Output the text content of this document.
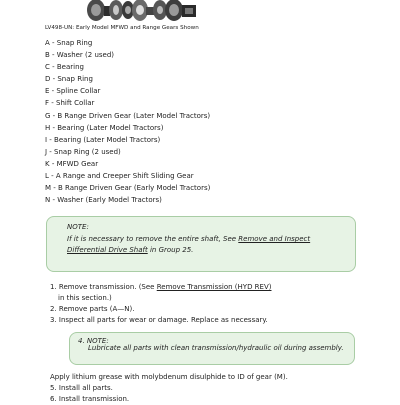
LV498-UN: Early Model MFWD and Range Gears Shown
A - Snap Ring
B - Washer (2 used)
C - Bearing
D - Snap Ring
E - Spline Collar
F - Shift Collar
G - B Range Driven Gear (Later Model Tractors)
H - Bearing (Later Model Tractors)
I - Bearing (Later Model Tractors)
J - Snap Ring (2 used)
K - MFWD Gear
L - A Range and Creeper Shift Sliding Gear
M - B Range Driven Gear (Early Model Tractors)
N - Washer (Early Model Tractors)
NOTE:
If it is necessary to remove the entire shaft, See Remove and Inspect Differential Drive Shaft in Group 25.
1. Remove transmission. (See Remove Transmission (HYD REV)
in this section.)
2. Remove parts (A—N).
3. Inspect all parts for wear or damage. Replace as necessary.
4. NOTE:
Lubricate all parts with clean transmission/hydraulic oil during assembly.
Apply lithium grease with molybdenum disulphide to ID of gear (M).
5. Install all parts.
6. Install transmission.
